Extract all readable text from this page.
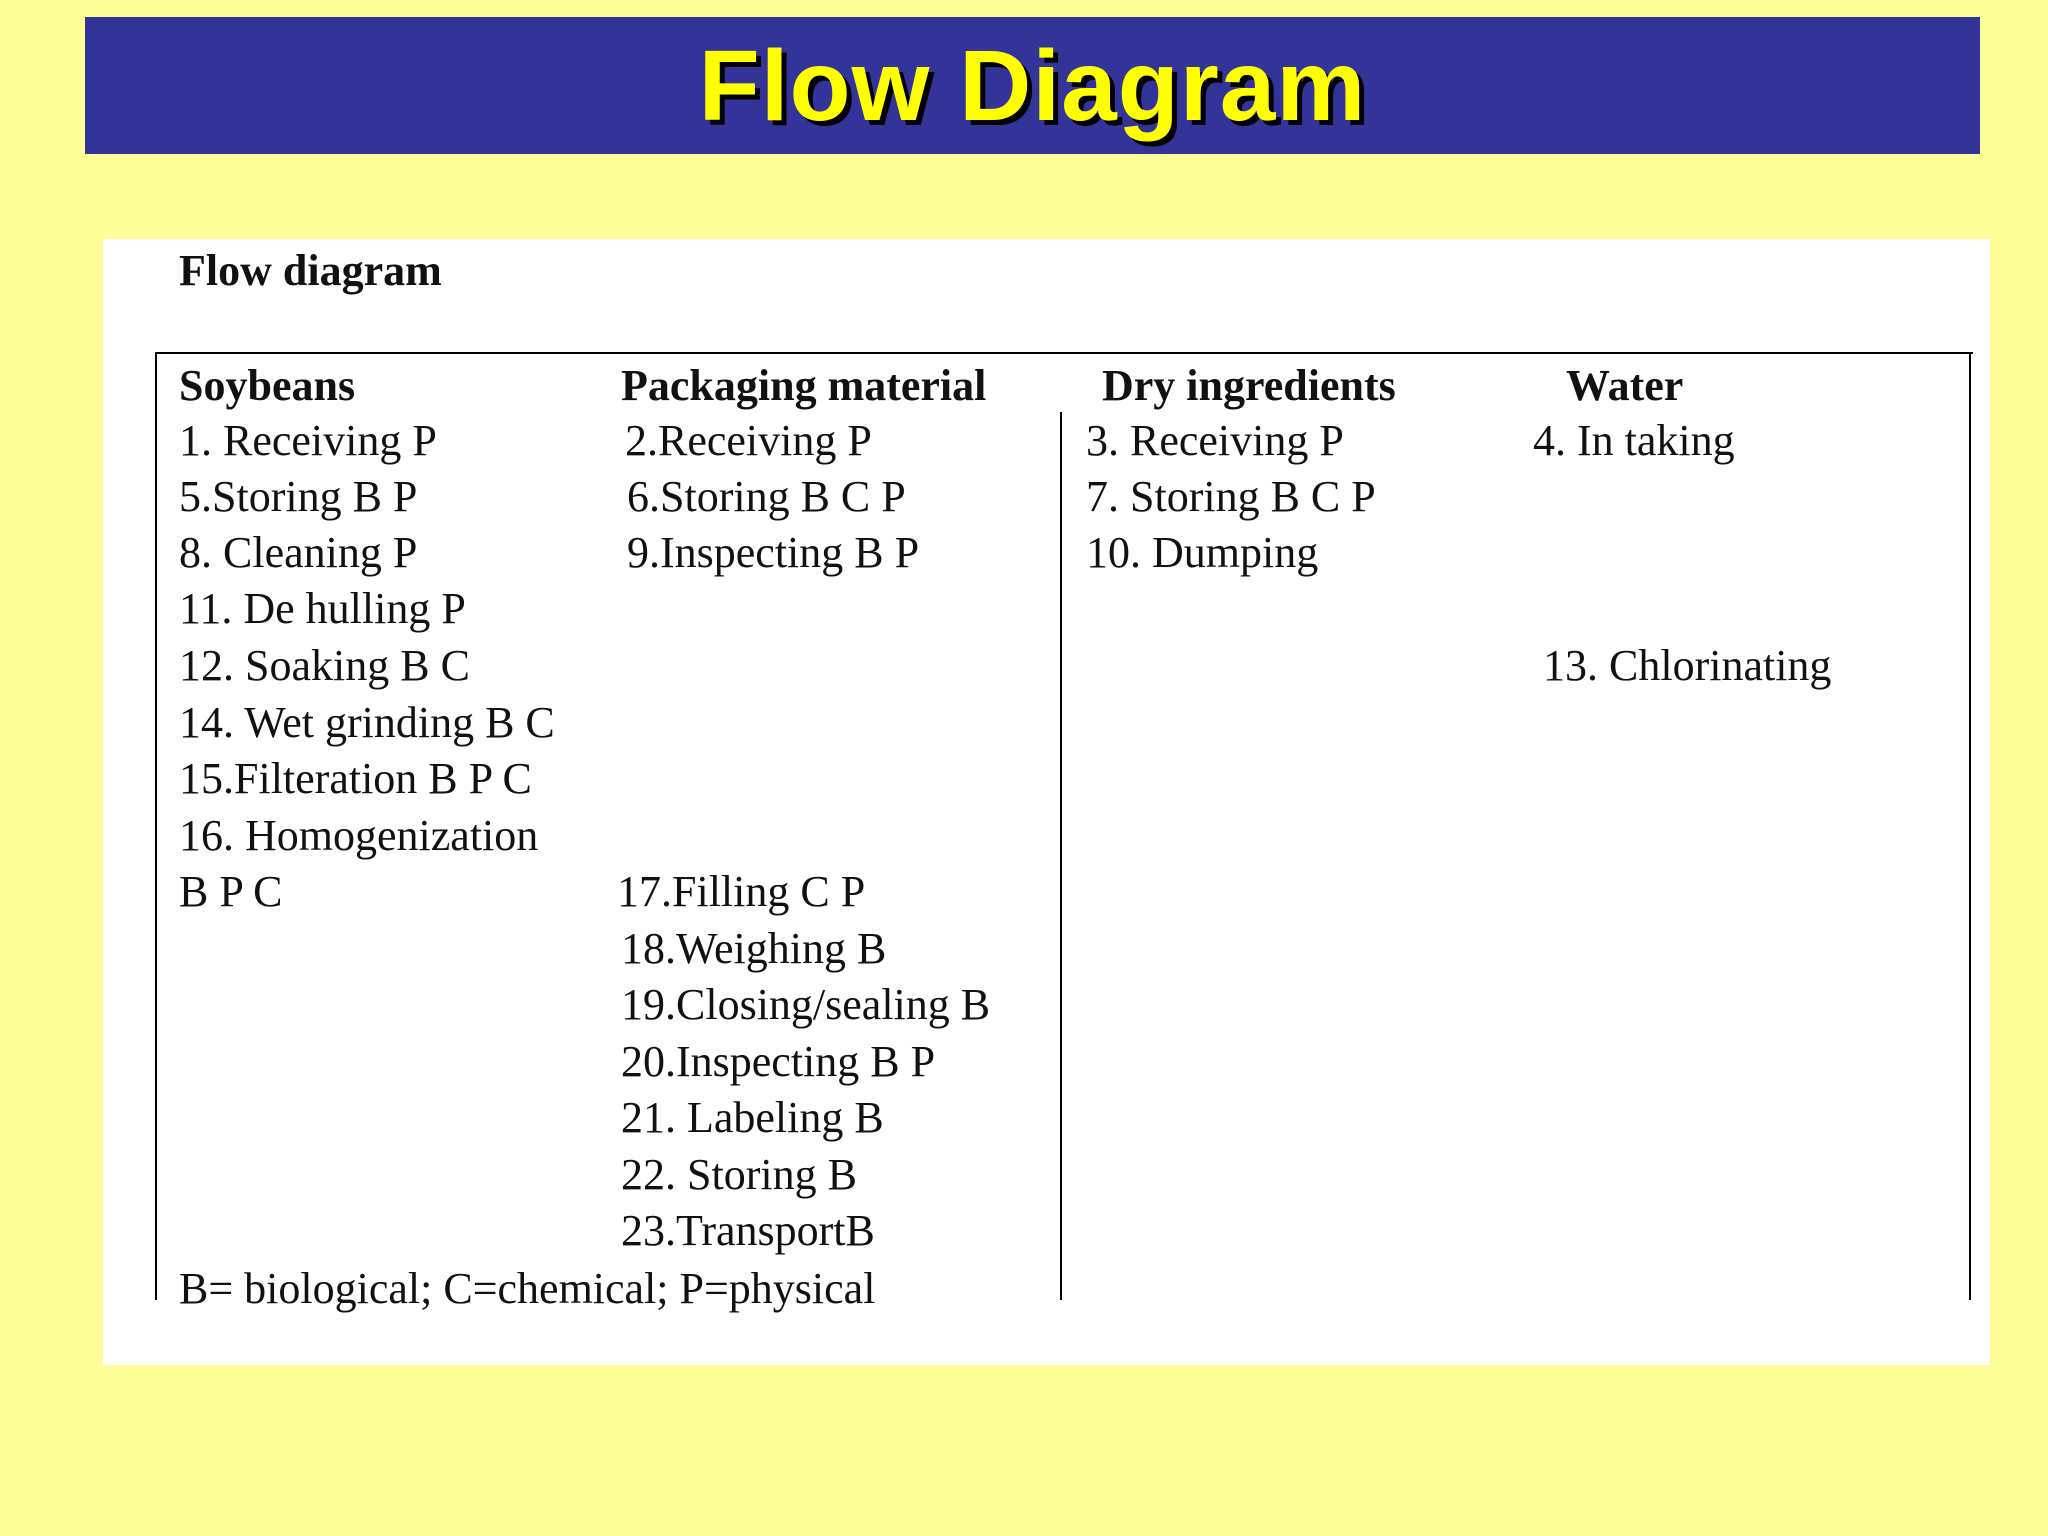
Flow Diagram
Flow diagram
Soybeans
1. Receiving P
5.Storing B P
8. Cleaning P
11. De hulling P
12. Soaking B C
14. Wet grinding B C
15.Filteration B P C
16. Homogenization
B P C
Packaging material
2.Receiving P
6.Storing B C P
9.Inspecting B P
17.Filling C P
18.Weighing B
19.Closing/sealing B
20.Inspecting B P
21. Labeling B
22. Storing B
23.TransportB
Dry ingredients
3. Receiving P
7. Storing B C P
10. Dumping
Water
4. In taking
13. Chlorinating
B= biological; C=chemical; P=physical
